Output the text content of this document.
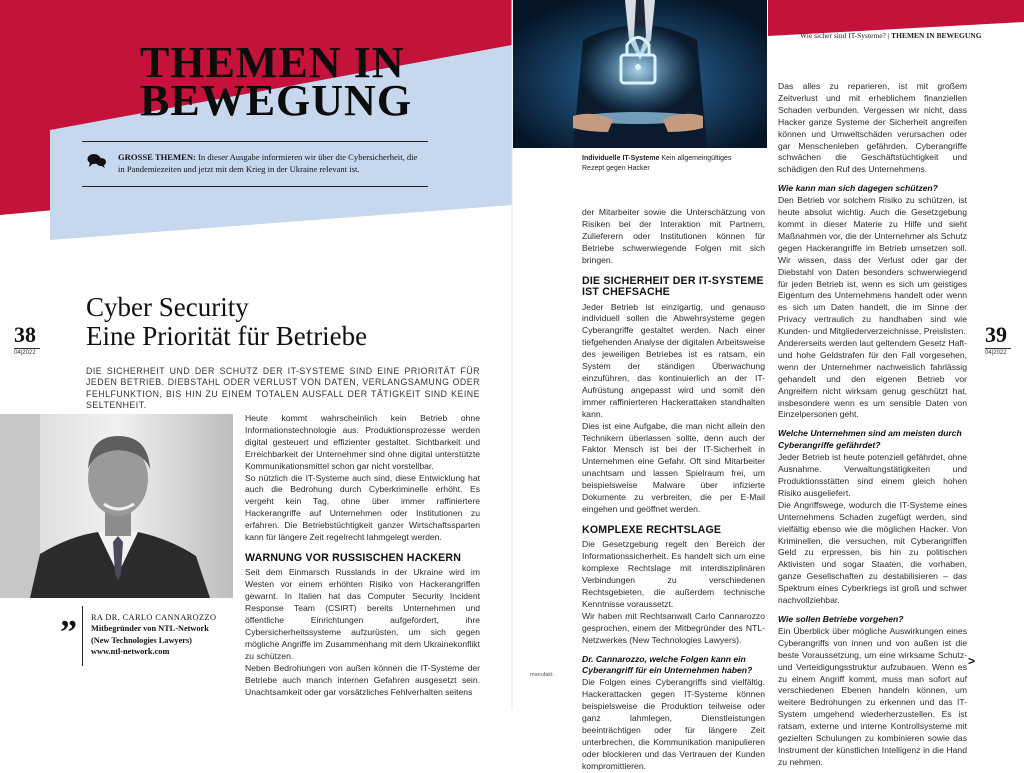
Wie sicher sind IT-Systeme? | THEMEN IN BEWEGUNG
THEMEN IN
BEWEGUNG
GROSSE THEMEN: In dieser Ausgabe informieren wir über die Cybersicherheit, die in Pandemiezeiten und jetzt mit dem Krieg in der Ukraine relevant ist.
Individuelle IT-Systeme Kein allgemeingültiges Rezept gegen Hacker
38
04|2022
39
04|2022
Cyber Security
Eine Priorität für Betriebe
DIE SICHERHEIT UND DER SCHUTZ DER IT-SYSTEME SIND EINE PRIORITÄT FÜR JEDEN BETRIEB. DIEBSTAHL ODER VERLUST VON DATEN, VERLANGSAMUNG ODER FEHLFUNKTION, BIS HIN ZU EINEM TOTALEN AUSFALL DER TÄTIGKEIT SIND KEINE SELTENHEIT.
” RA DR. CARLO CANNAROZZO
Mitbegründer von NTL-Network
(New Technologies Lawyers)
www.ntl-network.com

Heute kommt wahrscheinlich kein Betrieb ohne Informationstechnologie aus. Produktionsprozesse werden digital gesteuert und effizienter gestaltet. Sichtbarkeit und Erreichbarkeit der Unternehmer sind ohne digital unterstützte Kommunikationsmittel schon gar nicht vorstellbar.

So nützlich die IT-Systeme auch sind, diese Entwicklung hat auch die Bedrohung durch Cyberkriminelle erhöht. Es vergeht kein Tag, ohne über immer raffiniertere Hackerangriffe auf Unternehmen oder Institutionen zu erfahren. Die Betriebstüchtigkeit ganzer Wirtschaftssparten kann für längere Zeit regelrecht lahmgelegt werden.

WARNUNG VOR RUSSISCHEN HACKERN

Seit dem Einmarsch Russlands in der Ukraine wird im Westen vor einem erhöhten Risiko von Hackerangriffen gewarnt. In Italien hat das Computer Security Incident Response Team (CSIRT) bereits Unternehmen und öffentliche Einrichtungen aufgefordert, ihre Cybersicherheitssysteme aufzurüsten, um sich gegen mögliche Angriffe im Zusammenhang mit dem Ukrainekonflikt zu schützen.

Neben Bedrohungen von außen können die IT-Systeme der Betriebe auch manch internen Gefahren ausgesetzt sein. Unachtsamkeit oder gar vorsätzliches Fehlverhalten seitens

der Mitarbeiter sowie die Unterschätzung von Risiken bei der Interaktion mit Partnern, Zulieferern oder Institutionen können für Betriebe schwerwiegende Folgen mit sich bringen.

DIE SICHERHEIT DER IT-SYSTEME IST CHEFSACHE

Jeder Betrieb ist einzigartig, und genauso individuell sollen die Abwehrsysteme gegen Cyberangriffe gestaltet werden. Nach einer tiefgehenden Analyse der digitalen Arbeitsweise des jeweiligen Betriebes ist es ratsam, ein System der ständigen Überwachung einzuführen, das kontinuierlich an der IT-Aufrüstung angepasst wird und somit den immer raffinierteren Hackerattaken standhalten kann.

Dies ist eine Aufgabe, die man nicht allein den Technikern überlassen sollte, denn auch der Faktor Mensch ist bei der IT-Sicherheit in Unternehmen eine Gefahr. Oft sind Mitarbeiter unachtsam und lassen Spielraum frei, um beispielsweise Malware über infizierte Dokumente zu verbreiten, die per E-Mail eingehen und geöffnet werden.

KOMPLEXE RECHTSLAGE

Die Gesetzgebung regelt den Bereich der Informationssicherheit. Es handelt sich um eine komplexe Rechtslage mit interdisziplinären Verbindungen zu verschiedenen Rechtsgebieten, die außerdem technische Kenntnisse voraussetzt.

Wir haben mit Rechtsanwalt Carlo Cannarozzo gesprochen, einem der Mitbegründer des NTL-Netzwerkes (New Technologies Lawyers).

Dr. Cannarozzo, welche Folgen kann ein Cyberangriff für ein Unternehmen haben?

Die Folgen eines Cyberangriffs sind vielfältig. Hackerattacken gegen IT-Systeme können beispielsweise die Produktion teilweise oder ganz lahmlegen, Dienstleistungen beeinträchtigen oder für längere Zeit unterbrechen, die Kommunikation manipulieren oder blockieren und das Vertrauen der Kunden kompromittieren.

Das alles zu reparieren, ist mit großem Zeitverlust und mit erheblichem finanziellen Schaden verbunden. Vergessen wir nicht, dass Hacker ganze Systeme der Sicherheit angreifen können und Umweltschäden verursachen oder gar Menschenleben gefährden. Cyberangriffe schwächen die Geschäftstüchtigkeit und schädigen den Ruf des Unternehmens.

Wie kann man sich dagegen schützen?

Den Betrieb vor solchem Risiko zu schützen, ist heute absolut wichtig. Auch die Gesetzgebung kommt in dieser Materie zu Hilfe und sieht Maßnahmen vor, die der Unternehmer als Schutz gegen Hackerangriffe im Betrieb umsetzen soll. Wir wissen, dass der Verlust oder gar der Diebstahl von Daten besonders schwerwiegend für jeden Betrieb ist, wenn es sich um geistiges Eigentum des Unternehmens handelt oder wenn es sich um Daten handelt, die im Sinne der Privacy vertraulich zu handhaben sind wie Kunden- und Mitgliederverzeichnisse, Preislisten.

Andererseits werden laut geltendem Gesetz Haft- und hohe Geldstrafen für den Fall vorgesehen, wenn der Unternehmer nachweislich fahrlässig gehandelt und den eigenen Betrieb vor Angreifern nicht wirksam genug geschützt hat, insbesondere wenn es um sensible Daten von Einzelpersonen geht.

Welche Unternehmen sind am meisten durch Cyberangriffe gefährdet?

Jeder Betrieb ist heute potenziell gefährdet, ohne Ausnahme. Verwaltungstätigkeiten und Produktionsstätten sind einem gleich hohen Risiko ausgeliefert.

Die Angriffswege, wodurch die IT-Systeme eines Unternehmens Schaden zugefügt werden, sind vielfältig ebenso wie die möglichen Hacker. Von Kriminellen, die versuchen, mit Cyberangriffen Geld zu erpressen, bis hin zu politischen Aktivisten und sogar Staaten, die vorhaben, ganze Gesellschaften zu destabilisieren – das Spektrum eines Cyberkriegs ist groß und schwer nachvollziehbar.

Wie sollen Betriebe vorgehen?

Ein Überblick über mögliche Auswirkungen eines Cyberangriffs von innen und von außen ist die beste Voraussetzung, um eine wirksame Schutz- und Verteidigungsstruktur aufzubauen. Wenn es zu einem Angriff kommt, muss man sofort auf verschiedenen Ebenen handeln können, um weitere Bedrohungen zu erkennen und das IT-System umgehend wiederherzustellen. Es ist ratsam, externe und interne Kontrollsysteme mit gezielten Schulungen zu kombinieren sowie das Instrument der künstlichen Intelligenz in die Hand zu nehmen.

manufakt
>
